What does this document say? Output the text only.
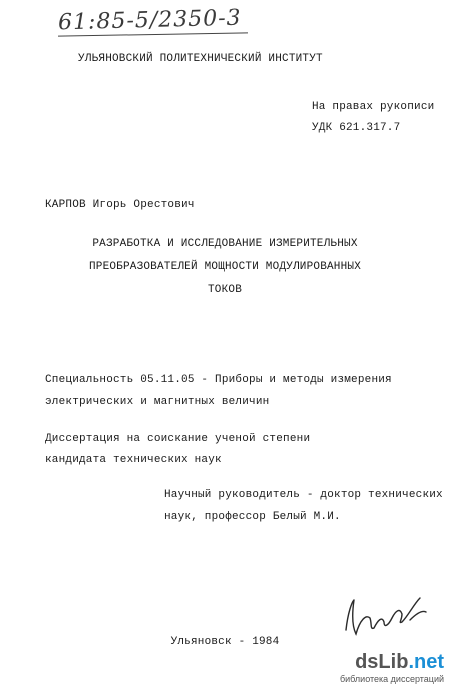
61:85-5/2350-3
УЛЬЯНОВСКИЙ ПОЛИТЕХНИЧЕСКИЙ ИНСТИТУТ
На правах рукописи
УДК 621.317.7
КАРПОВ Игорь Орестович
РАЗРАБОТКА И ИССЛЕДОВАНИЕ ИЗМЕРИТЕЛЬНЫХ
ПРЕОБРАЗОВАТЕЛЕЙ МОЩНОСТИ МОДУЛИРОВАННЫХ
ТОКОВ
Специальность 05.11.05 - Приборы и методы измерения
электрических и магнитных величин
Диссертация на соискание ученой степени
кандидата технических наук
Научный руководитель - доктор технических
наук, профессор Белый М.И.
Ульяновск - 1984
dsLib.net
библиотека диссертаций
